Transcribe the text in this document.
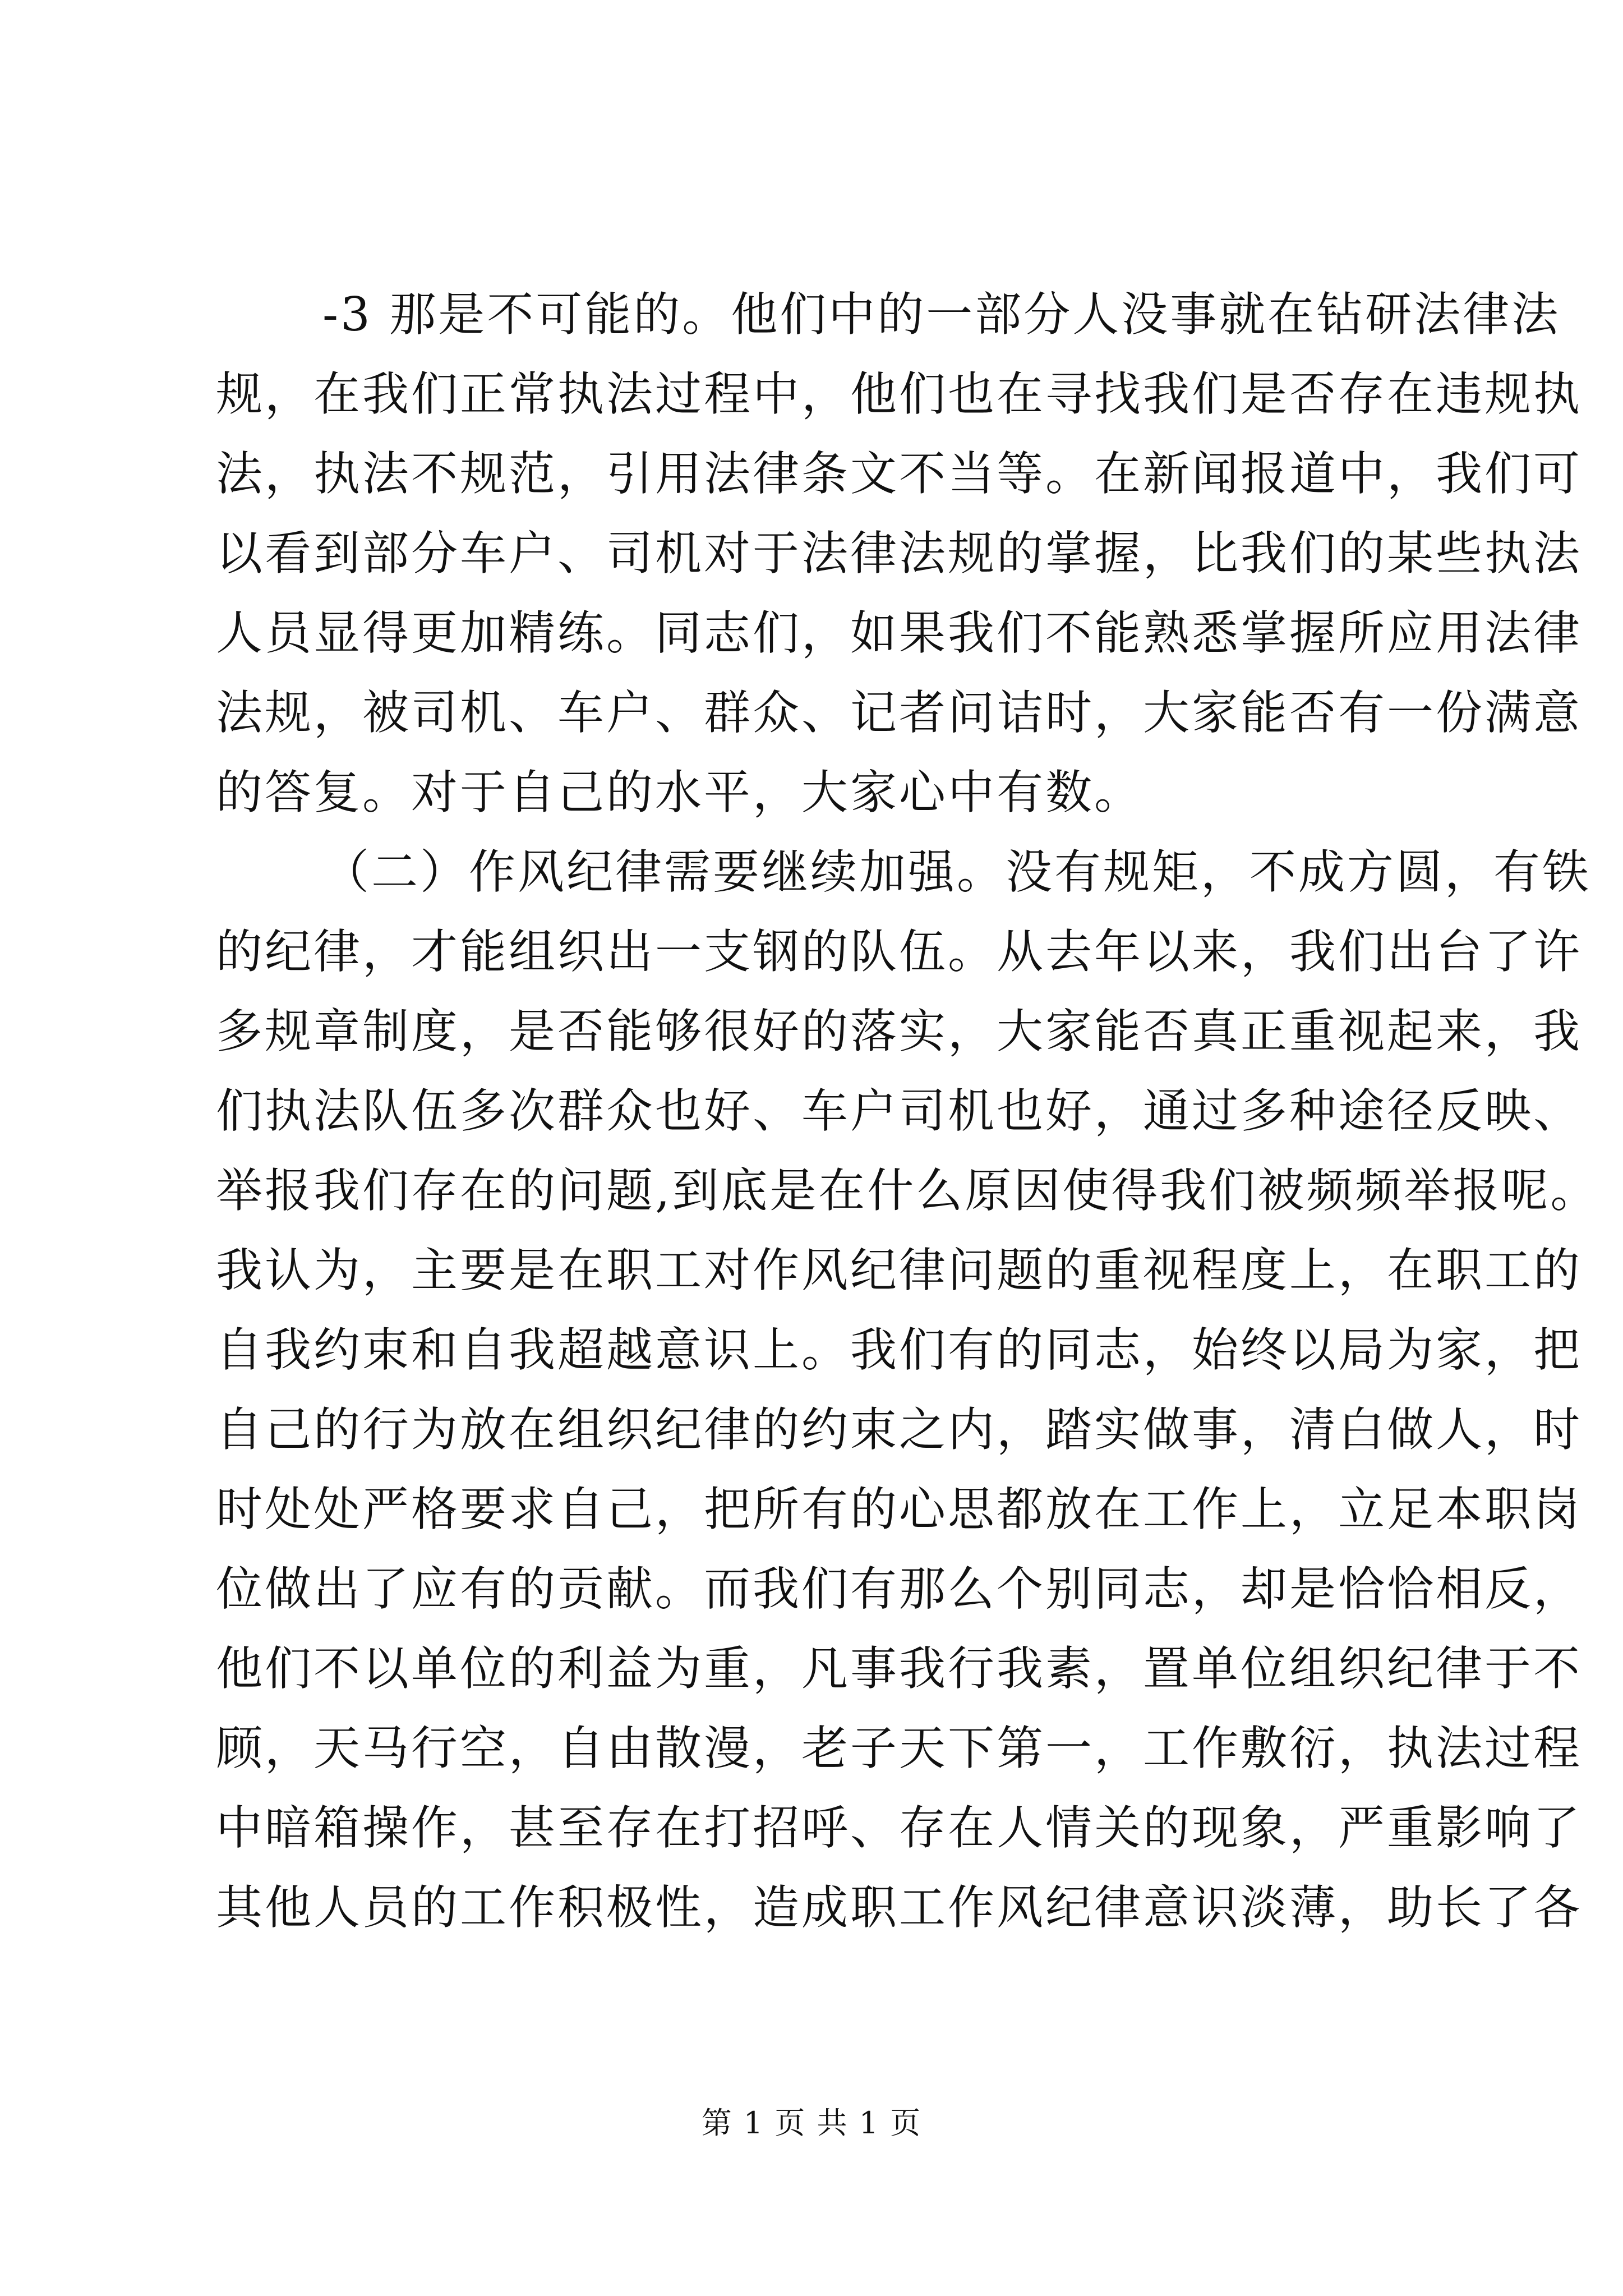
-3 那是不可能的。他们中的一部分人没事就在钻研法律法
规，在我们正常执法过程中，他们也在寻找我们是否存在违规执
法，执法不规范，引用法律条文不当等。在新闻报道中，我们可
以看到部分车户、司机对于法律法规的掌握，比我们的某些执法
人员显得更加精练。同志们，如果我们不能熟悉掌握所应用法律
法规，被司机、车户、群众、记者问诘时，大家能否有一份满意
的答复。对于自己的水平，大家心中有数。
（二）作风纪律需要继续加强。没有规矩，不成方圆，有铁
的纪律，才能组织出一支钢的队伍。从去年以来，我们出台了许
多规章制度，是否能够很好的落实，大家能否真正重视起来，我
们执法队伍多次群众也好、车户司机也好，通过多种途径反映、
举报我们存在的问题,到底是在什么原因使得我们被频频举报呢。
我认为，主要是在职工对作风纪律问题的重视程度上，在职工的
自我约束和自我超越意识上。我们有的同志，始终以局为家，把
自己的行为放在组织纪律的约束之内，踏实做事，清白做人，时
时处处严格要求自己，把所有的心思都放在工作上，立足本职岗
位做出了应有的贡献。而我们有那么个别同志，却是恰恰相反，
他们不以单位的利益为重，凡事我行我素，置单位组织纪律于不
顾，天马行空，自由散漫，老子天下第一，工作敷衍，执法过程
中暗箱操作，甚至存在打招呼、存在人情关的现象，严重影响了
其他人员的工作积极性，造成职工作风纪律意识淡薄，助长了各
第 1 页 共 1 页
